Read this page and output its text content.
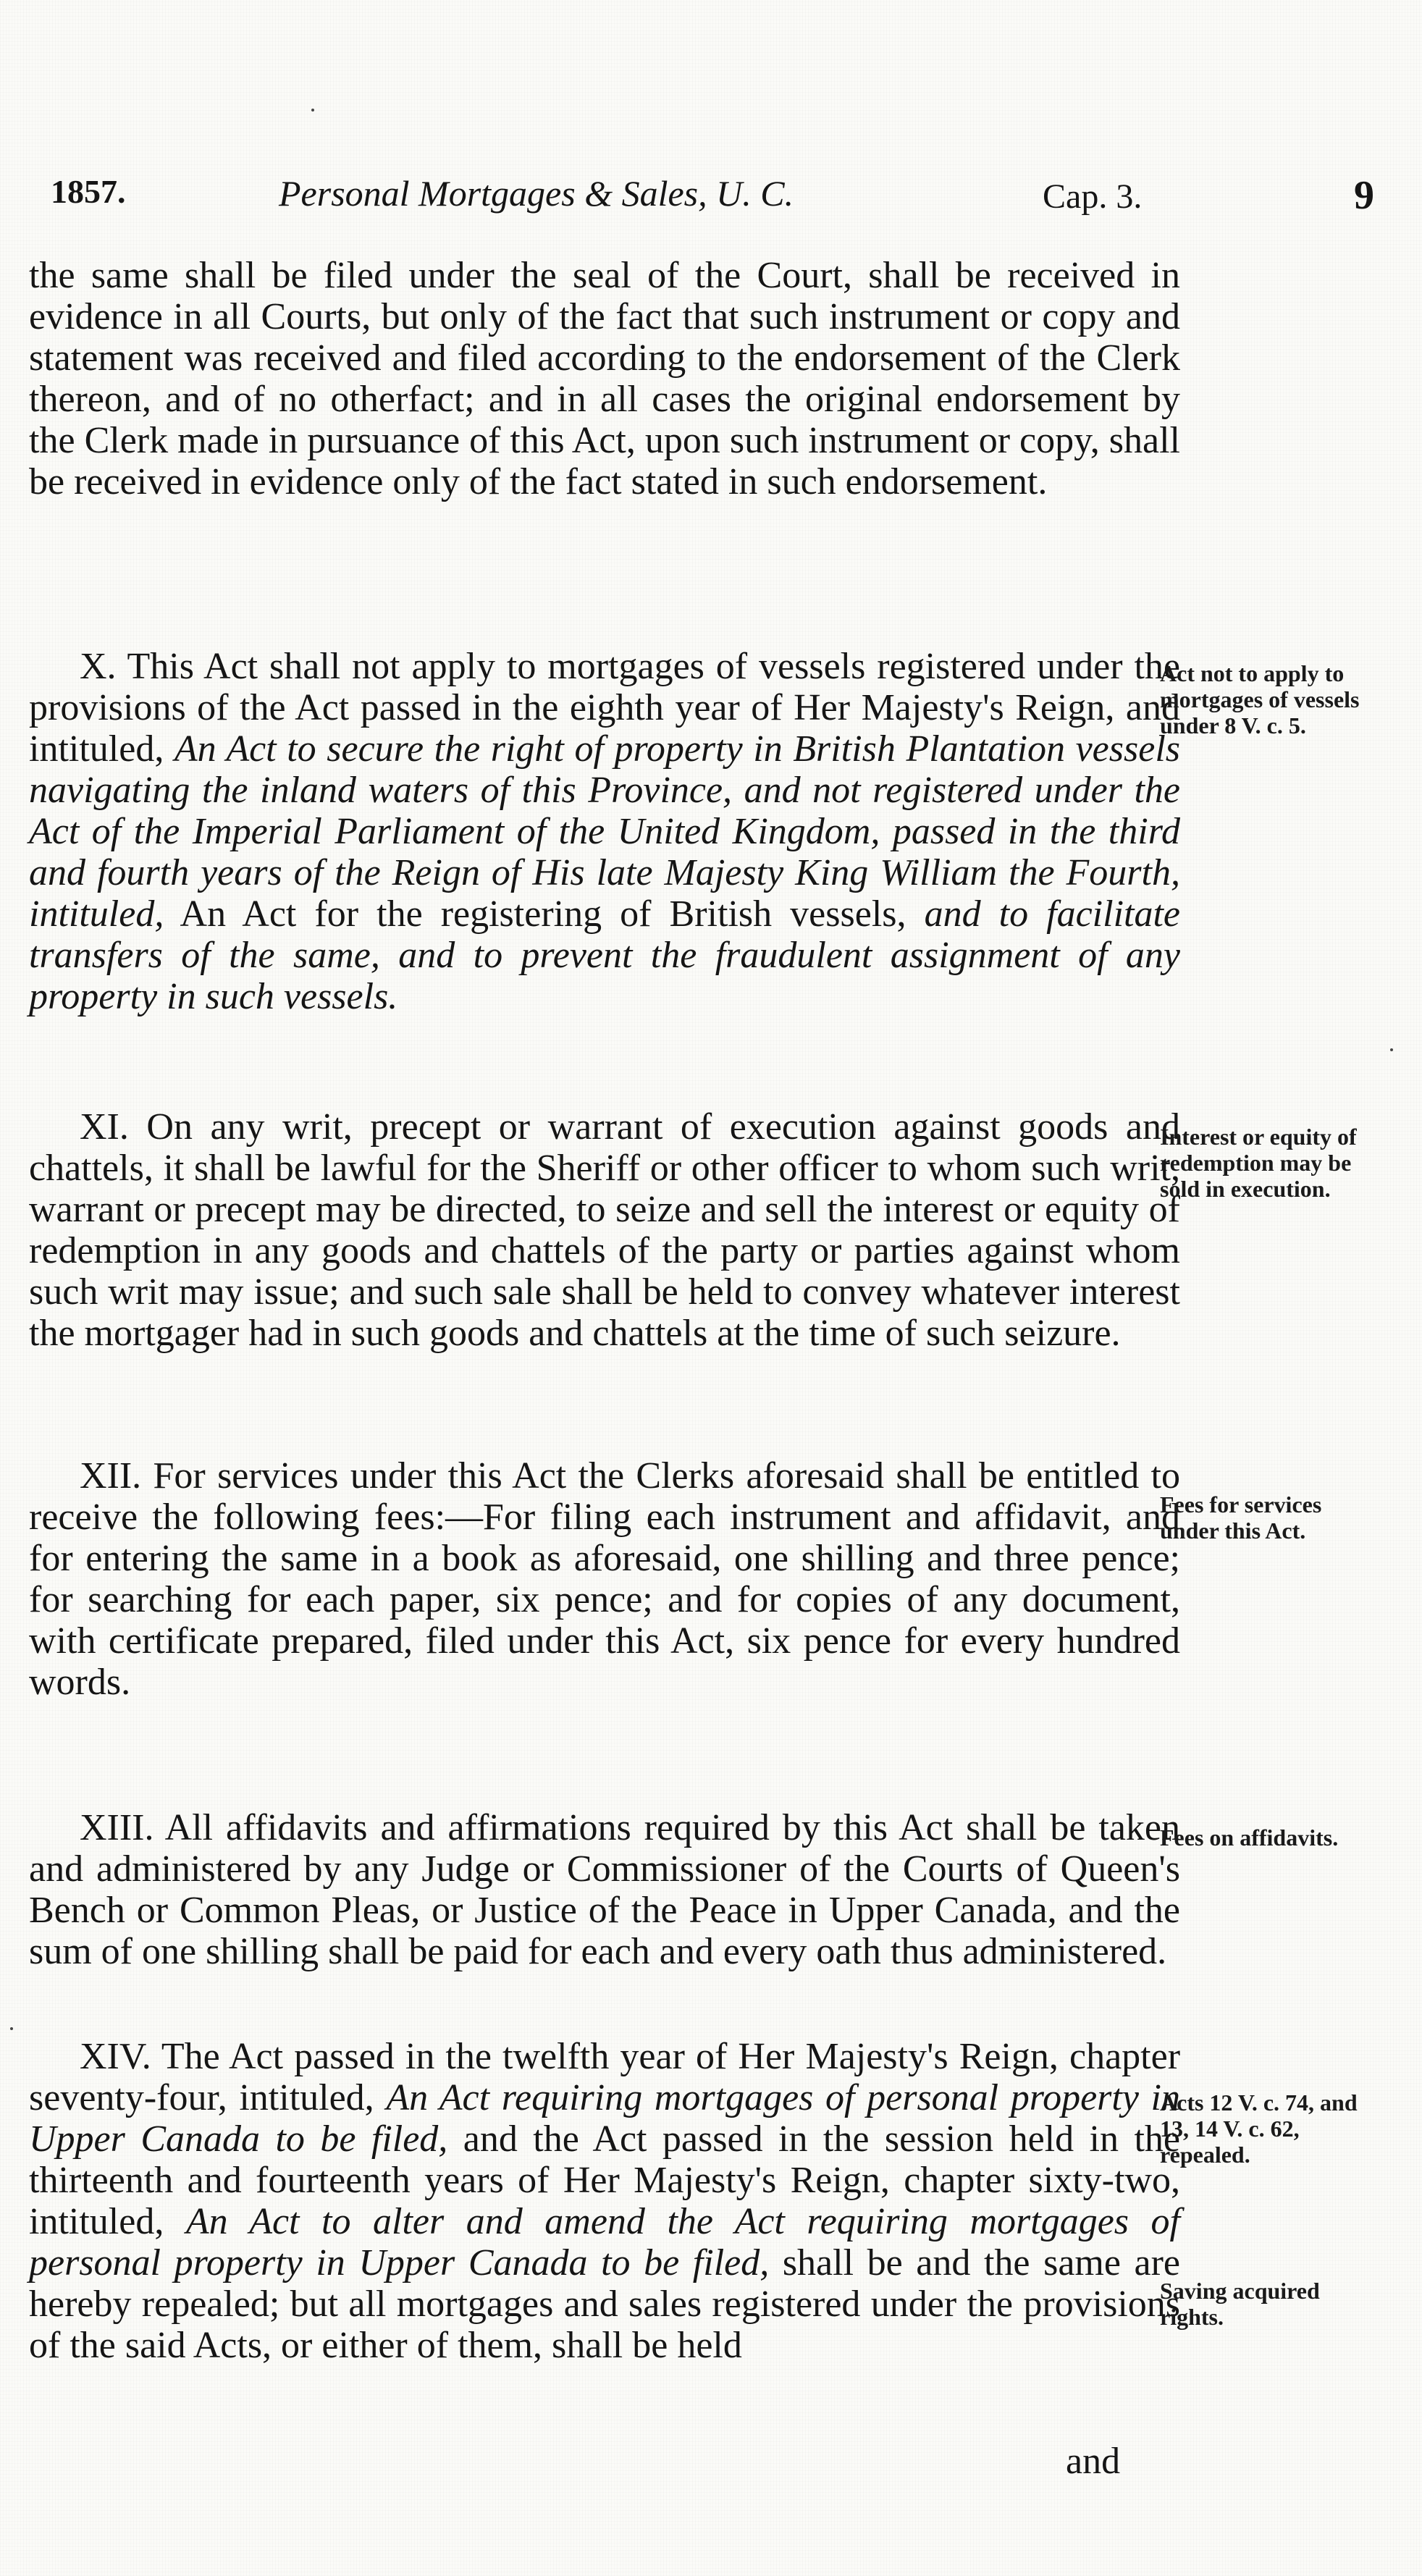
1857.	Personal Mortgages & Sales, U. C.	Cap. 3.	9

the same shall be filed under the seal of the Court, shall be received in evidence in all Courts, but only of the fact that such instrument or copy and statement was received and filed according to the endorsement of the Clerk thereon, and of no otherfact; and in all cases the original endorsement by the Clerk made in pursuance of this Act, upon such instrument or copy, shall be received in evidence only of the fact stated in such endorsement.

X. This Act shall not apply to mortgages of vessels registered under the provisions of the Act passed in the eighth year of Her Majesty's Reign, and intituled, An Act to secure the right of property in British Plantation vessels navigating the inland waters of this Province, and not registered under the Act of the Imperial Parliament of the United Kingdom, passed in the third and fourth years of the Reign of His late Majesty King William the Fourth, intituled, An Act for the registering of British vessels, and to facilitate transfers of the same, and to prevent the fraudulent assignment of any property in such vessels.

Act not to apply to mortgages of vessels under 8 V. c. 5.

XI. On any writ, precept or warrant of execution against goods and chattels, it shall be lawful for the Sheriff or other officer to whom such writ, warrant or precept may be directed, to seize and sell the interest or equity of redemption in any goods and chattels of the party or parties against whom such writ may issue; and such sale shall be held to convey whatever interest the mortgager had in such goods and chattels at the time of such seizure.

Interest or equity of redemption may be sold in execution.

XII. For services under this Act the Clerks aforesaid shall be entitled to receive the following fees:—For filing each instrument and affidavit, and for entering the same in a book as aforesaid, one shilling and three pence; for searching for each paper, six pence; and for copies of any document, with certificate prepared, filed under this Act, six pence for every hundred words.

Fees for services under this Act.

XIII. All affidavits and affirmations required by this Act shall be taken and administered by any Judge or Commissioner of the Courts of Queen's Bench or Common Pleas, or Justice of the Peace in Upper Canada, and the sum of one shilling shall be paid for each and every oath thus administered.

Fees on affidavits.

XIV. The Act passed in the twelfth year of Her Majesty's Reign, chapter seventy-four, intituled, An Act requiring mortgages of personal property in Upper Canada to be filed, and the Act passed in the session held in the thirteenth and fourteenth years of Her Majesty's Reign, chapter sixty-two, intituled, An Act to alter and amend the Act requiring mortgages of personal property in Upper Canada to be filed, shall be and the same are hereby repealed; but all mortgages and sales registered under the provisions of the said Acts, or either of them, shall be held

Acts 12 V. c. 74, and 13, 14 V. c. 62, repealed.
Saving acquired rights.
and
